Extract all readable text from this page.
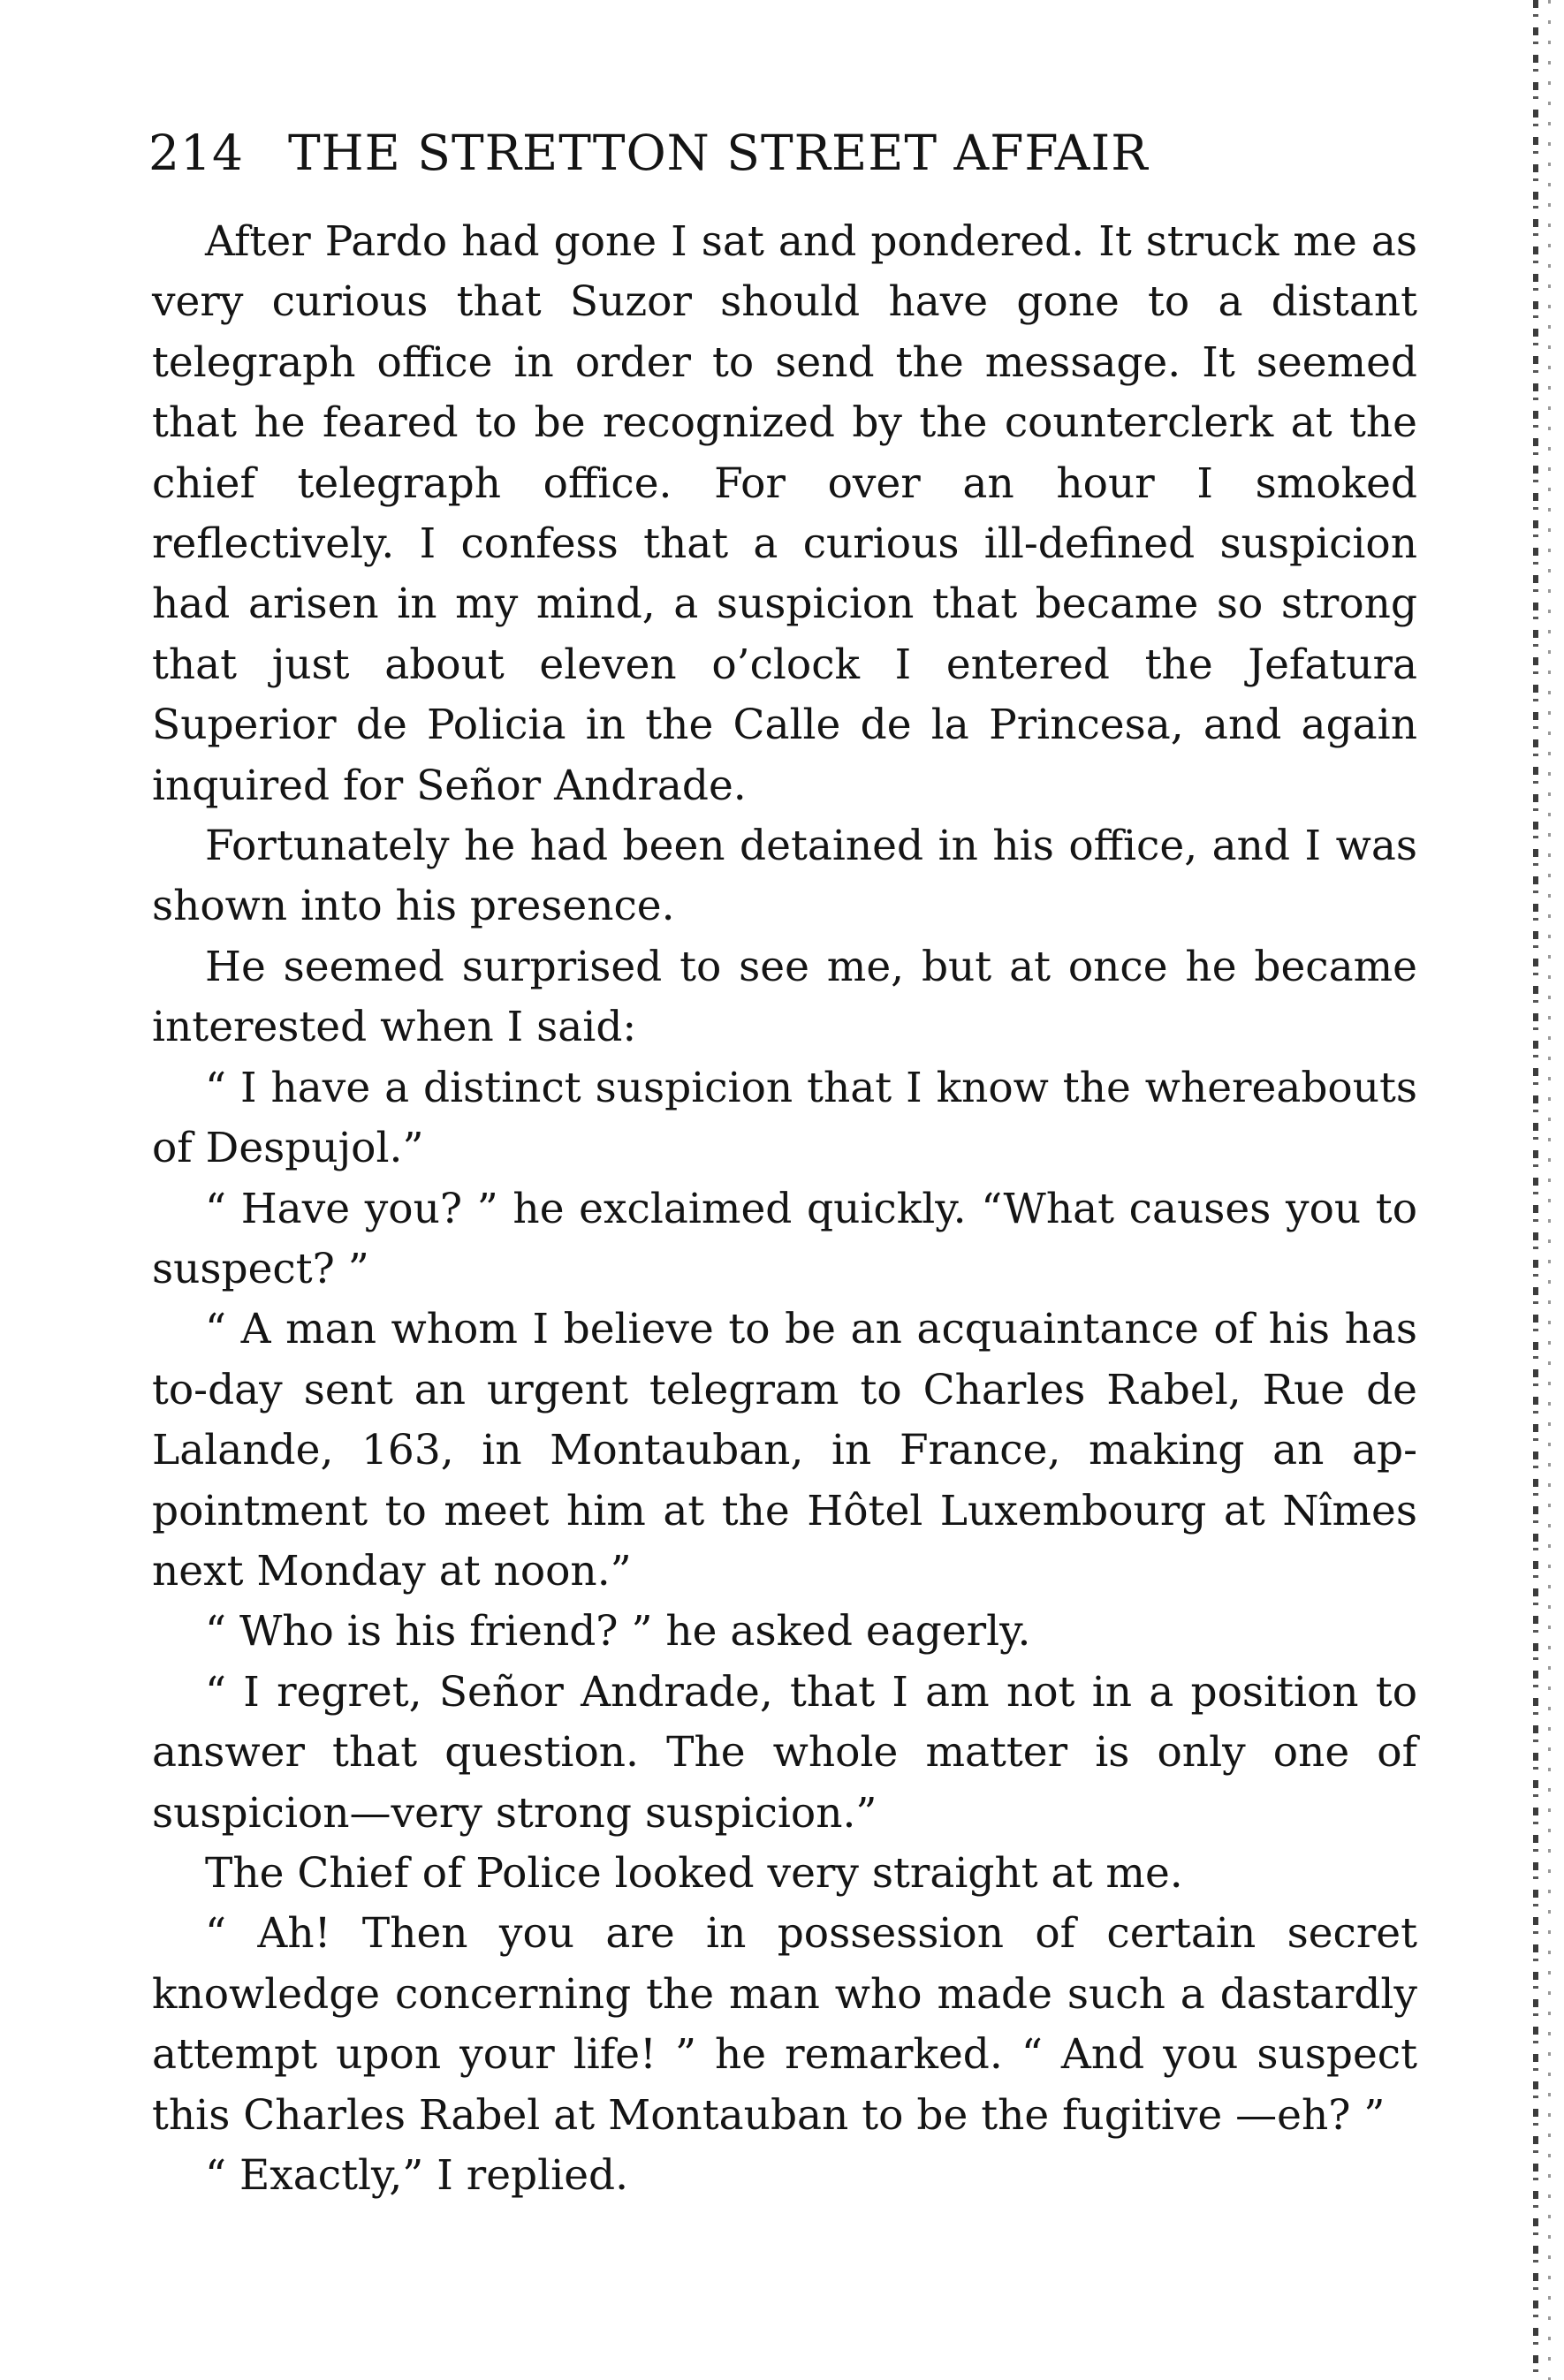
214 THE STRETTON STREET AFFAIR

After Pardo had gone I sat and pondered. It struck me as very curious that Suzor should have gone to a distant telegraph office in order to send the message. It seemed that he feared to be recognized by the counterclerk at the chief telegraph office. For over an hour I smoked reflectively. I confess that a curious ill-defined suspicion had arisen in my mind, a suspicion that became so strong that just about eleven o’clock I entered the Jefatura Superior de Policia in the Calle de la Princesa, and again inquired for Señor Andrade.

Fortunately he had been detained in his office, and I was shown into his presence.

He seemed surprised to see me, but at once he became interested when I said:

“ I have a distinct suspicion that I know the whereabouts of Despujol.”

“ Have you? ” he exclaimed quickly. “What causes you to suspect? ”

“ A man whom I believe to be an acquaintance of his has to-day sent an urgent telegram to Charles Rabel, Rue de Lalande, 163, in Montauban, in France, making an appointment to meet him at the Hôtel Luxembourg at Nîmes next Monday at noon.”

“ Who is his friend? ” he asked eagerly.

“ I regret, Señor Andrade, that I am not in a position to answer that question. The whole matter is only one of suspicion—very strong suspicion.”

The Chief of Police looked very straight at me.

“ Ah! Then you are in possession of certain secret knowledge concerning the man who made such a dastardly attempt upon your life! ” he remarked. “ And you suspect this Charles Rabel at Montauban to be the fugitive —eh? ”

“ Exactly,” I replied.
